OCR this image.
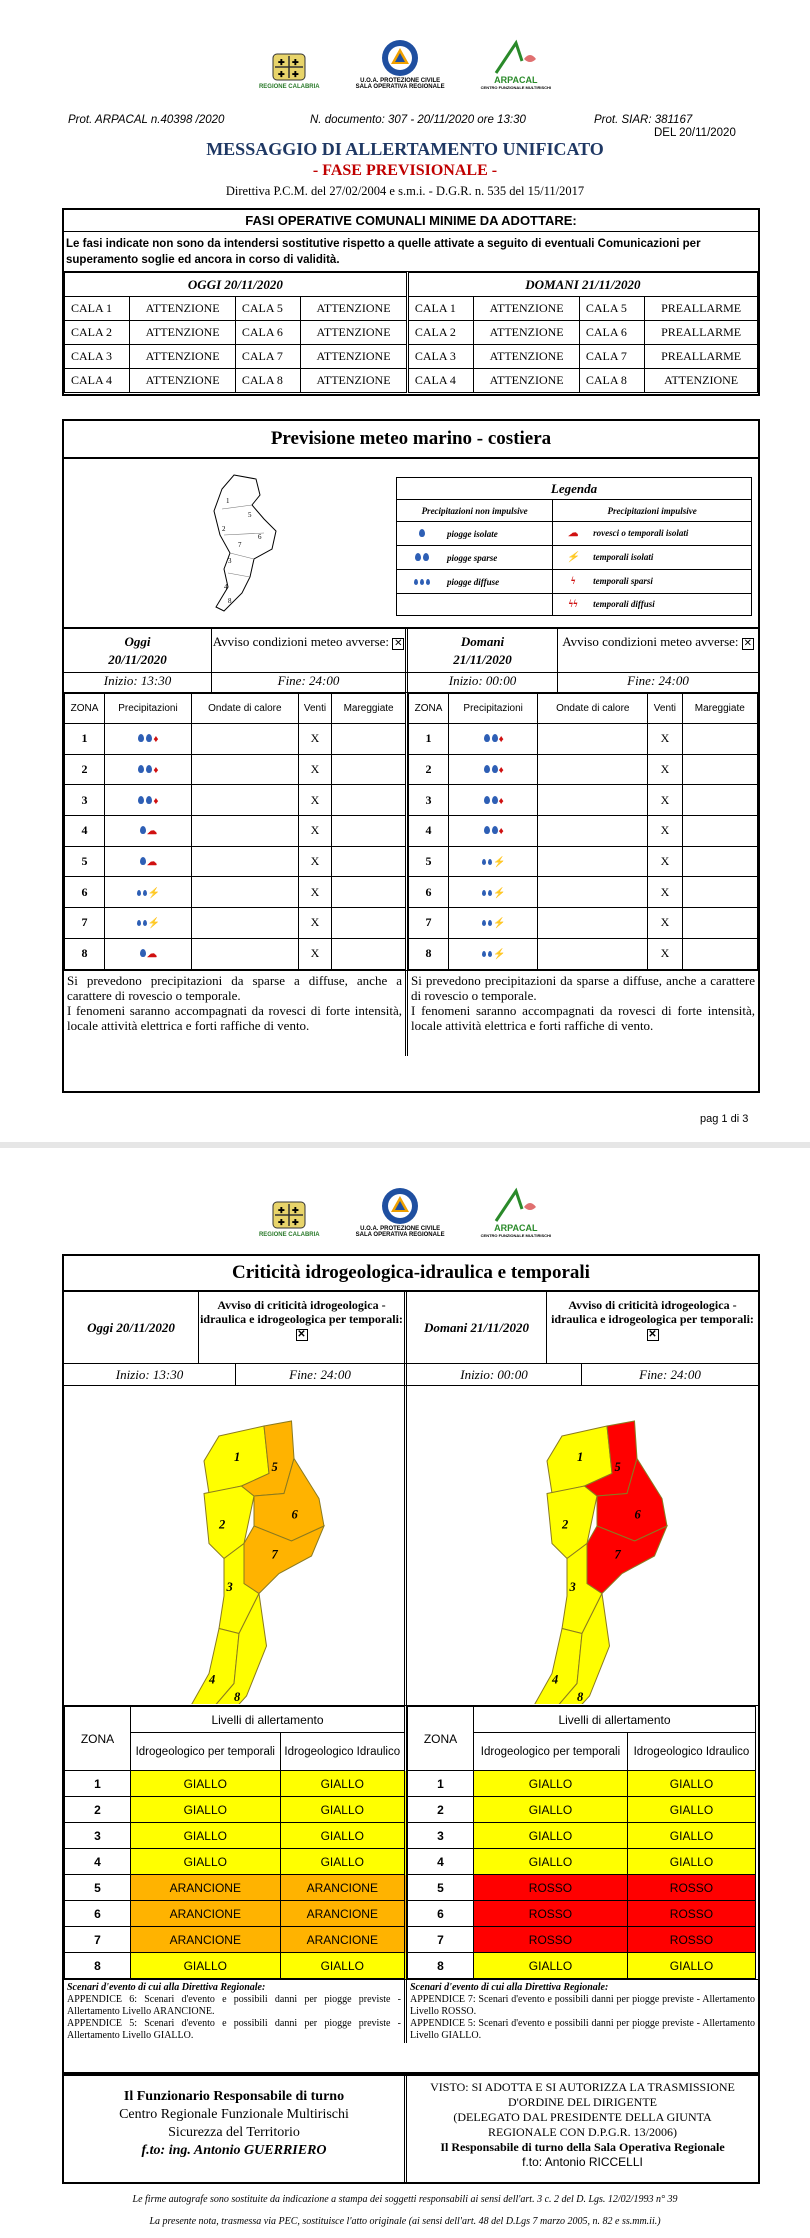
✚ ✚
✚ ✚
REGIONE CALABRIA
U.O.A. PROTEZIONE CIVILE
SALA OPERATIVA REGIONALE
ARPACAL
CENTRO FUNZIONALE MULTIRISCHI
Prot. ARPACAL n.40398 /2020	N. documento: 307 - 20/11/2020 ore 13:30	Prot. SIAR: 381167
DEL 20/11/2020
MESSAGGIO DI ALLERTAMENTO UNIFICATO
- FASE PREVISIONALE -
Direttiva P.C.M. del 27/02/2004 e s.m.i. - D.G.R. n. 535 del 15/11/2017
FASI OPERATIVE COMUNALI MINIME DA ADOTTARE:
Le fasi indicate non sono da intendersi sostitutive rispetto a quelle attivate a seguito di eventuali Comunicazioni per superamento soglie ed ancora in corso di validità.
OGGI 20/11/2020				DOMANI 21/11/2020			
CALA 1	ATTENZIONE	CALA 5	ATTENZIONE	CALA 1	ATTENZIONE	CALA 5	PREALLARME
CALA 2	ATTENZIONE	CALA 6	ATTENZIONE	CALA 2	ATTENZIONE	CALA 6	PREALLARME
CALA 3	ATTENZIONE	CALA 7	ATTENZIONE	CALA 3	ATTENZIONE	CALA 7	PREALLARME
CALA 4	ATTENZIONE	CALA 8	ATTENZIONE	CALA 4	ATTENZIONE	CALA 8	ATTENZIONE
Previsione meteo marino - costiera
1
5
2
6
7
3
4
8
Legenda	
Precipitazioni non impulsive	Precipitazioni impulsive
piogge isolate	☁ rovesci o temporali isolati
piogge sparse	⚡ temporali isolati
piogge diffuse	ϟ temporali sparsi
	ϟϟ temporali diffusi
Oggi
20/11/2020
Avviso condizioni meteo avverse: ✕	Domani
21/11/2020
Avviso condizioni meteo avverse: ✕
Inizio: 13:30	Fine: 24:00	Inizio: 00:00	Fine: 24:00
ZONA	Precipitazioni	Ondate di calore	Venti	Mareggiate
1	♦		X	
2	♦		X	
3	♦		X	
4	☁		X	
5	☁		X	
6	⚡		X	
7	⚡		X	
8	☁		X	
ZONA	Precipitazioni	Ondate di calore	Venti	Mareggiate
1	♦		X	
2	♦		X	
3	♦		X	
4	♦		X	
5	⚡		X	
6	⚡		X	
7	⚡		X	
8	⚡		X	
Si prevedono precipitazioni da sparse a diffuse, anche a carattere di rovescio o temporale.
I fenomeni saranno accompagnati da rovesci di forte intensità, locale attività elettrica e forti raffiche di vento.
Si prevedono precipitazioni da sparse a diffuse, anche a carattere di rovescio o temporale.
I fenomeni saranno accompagnati da rovesci di forte intensità, locale attività elettrica e forti raffiche di vento.
pag 1 di 3
✚ ✚
✚ ✚
REGIONE CALABRIA
U.O.A. PROTEZIONE CIVILE
SALA OPERATIVA REGIONALE
ARPACAL
CENTRO FUNZIONALE MULTIRISCHI
Criticità idrogeologica-idraulica e temporali
Oggi 20/11/2020
Avviso di criticità idrogeologica - idraulica e idrogeologica per temporali:
✕	Domani 21/11/2020
Avviso di criticità idrogeologica - idraulica e idrogeologica per temporali:
✕
Inizio: 13:30	Fine: 24:00	Inizio: 00:00	Fine: 24:00
1
2
3
4
5
6
7
8
1
2
3
4
5
6
7
8
ZONA	Livelli di allertamento	
	Idrogeologico per temporali	Idrogeologico Idraulico
1	GIALLO	GIALLO
2	GIALLO	GIALLO
3	GIALLO	GIALLO
4	GIALLO	GIALLO
5	ARANCIONE	ARANCIONE
6	ARANCIONE	ARANCIONE
7	ARANCIONE	ARANCIONE
8	GIALLO	GIALLO
ZONA	Livelli di allertamento	
	Idrogeologico per temporali	Idrogeologico Idraulico
1	GIALLO	GIALLO
2	GIALLO	GIALLO
3	GIALLO	GIALLO
4	GIALLO	GIALLO
5	ROSSO	ROSSO
6	ROSSO	ROSSO
7	ROSSO	ROSSO
8	GIALLO	GIALLO
Scenari d'evento di cui alla Direttiva Regionale:
APPENDICE 6: Scenari d'evento e possibili danni per piogge previste - Allertamento Livello ARANCIONE.
APPENDICE 5: Scenari d'evento e possibili danni per piogge previste - Allertamento Livello GIALLO.
Scenari d'evento di cui alla Direttiva Regionale:
APPENDICE 7: Scenari d'evento e possibili danni per piogge previste - Allertamento Livello ROSSO.
APPENDICE 5: Scenari d'evento e possibili danni per piogge previste - Allertamento Livello GIALLO.
Il Funzionario Responsabile di turno
Centro Regionale Funzionale Multirischi
Sicurezza del Territorio
f.to: ing. Antonio GUERRIERO
VISTO: SI ADOTTA E SI AUTORIZZA LA TRASMISSIONE
D'ORDINE DEL DIRIGENTE
(DELEGATO DAL PRESIDENTE DELLA GIUNTA
REGIONALE CON D.P.G.R. 13/2006)
Il Responsabile di turno della Sala Operativa Regionale
f.to: Antonio RICCELLI
Le firme autografe sono sostituite da indicazione a stampa dei soggetti responsabili ai sensi dell'art. 3 c. 2 del D. Lgs. 12/02/1993 n° 39
La presente nota, trasmessa via PEC, sostituisce l'atto originale (ai sensi dell'art. 48 del D.Lgs 7 marzo 2005, n. 82 e ss.mm.ii.)
